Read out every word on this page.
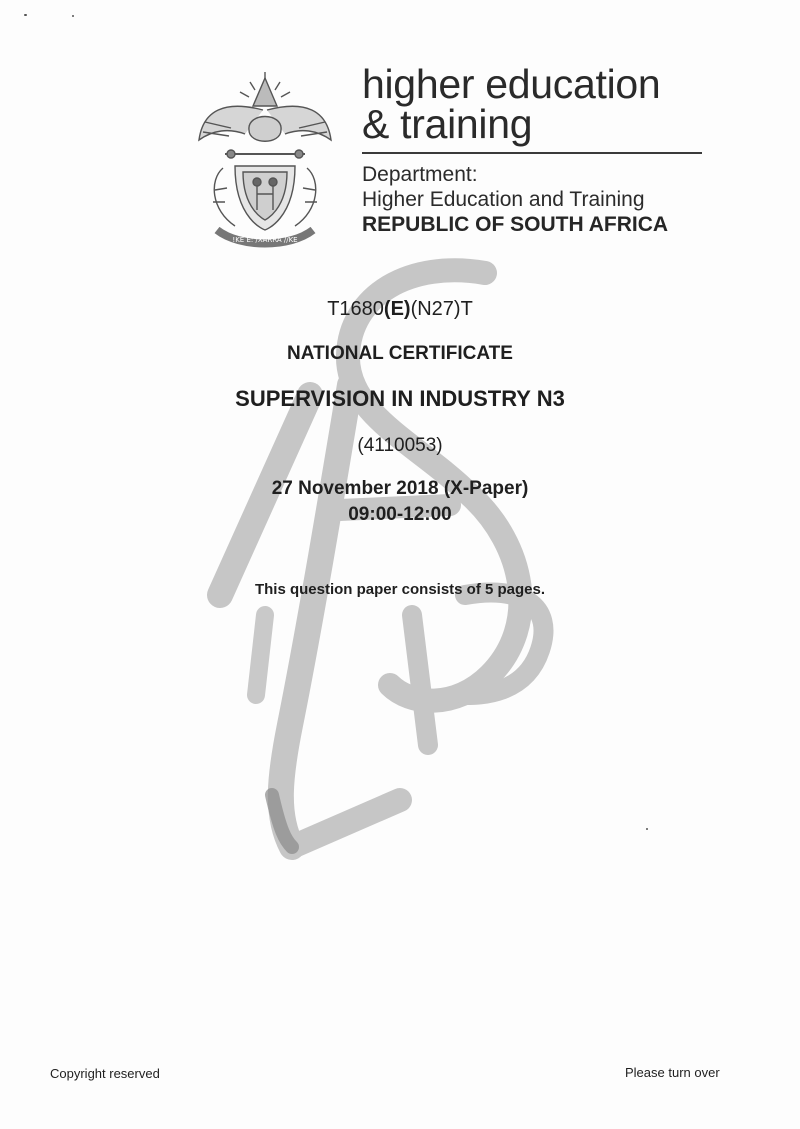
!KE E: /XARRA //KE
higher education
& training
Department:
Higher Education and Training
REPUBLIC OF SOUTH AFRICA
T1680(E)(N27)T
NATIONAL CERTIFICATE
SUPERVISION IN INDUSTRY N3
(4110053)
27 November 2018 (X-Paper)
09:00-12:00
This question paper consists of 5 pages.
Copyright reserved	Please turn over
